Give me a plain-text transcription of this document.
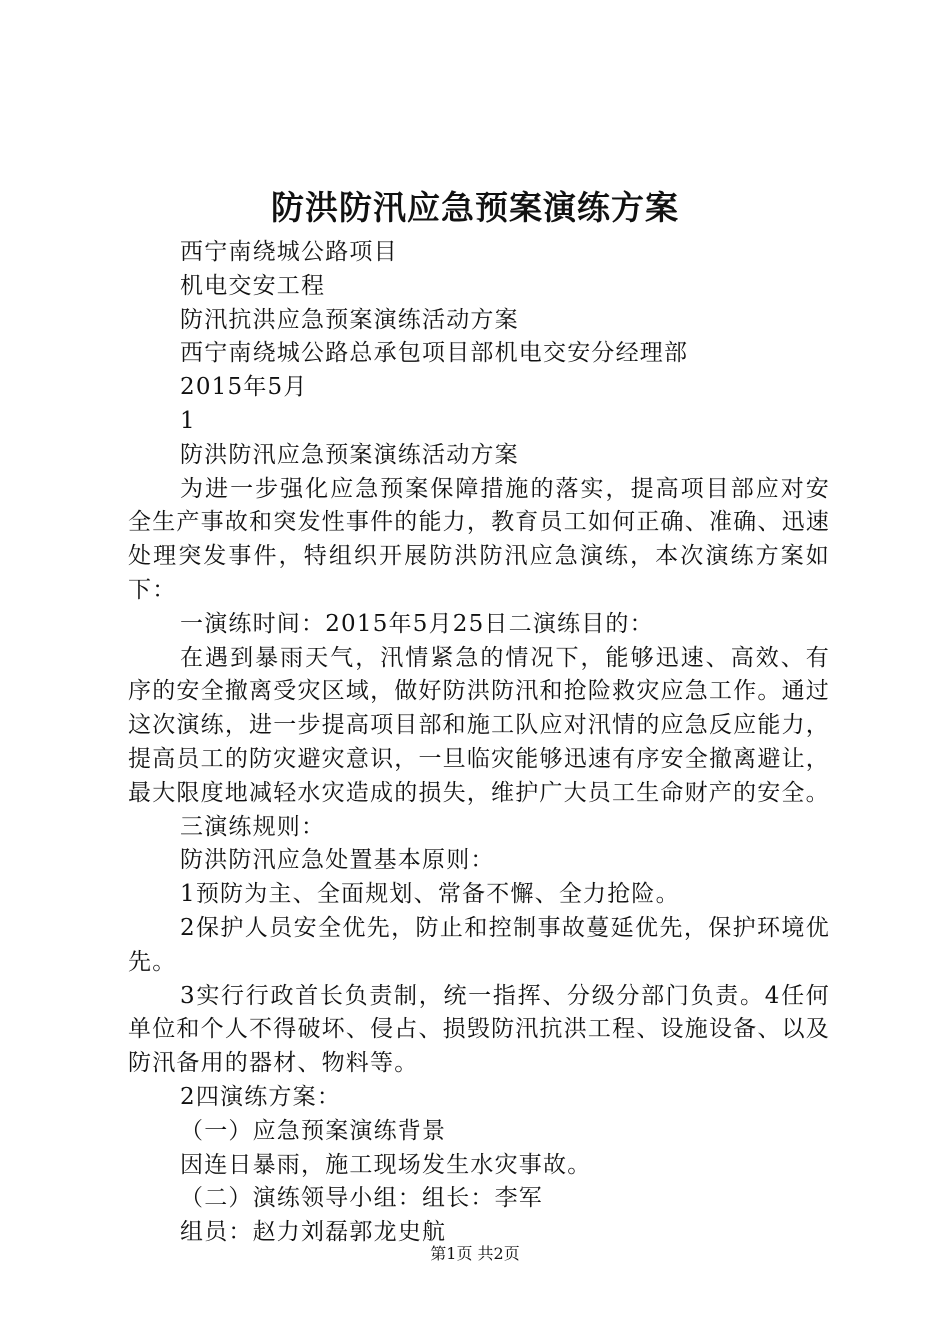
防洪防汛应急预案演练方案

西宁南绕城公路项目

机电交安工程

防汛抗洪应急预案演练活动方案

西宁南绕城公路总承包项目部机电交安分经理部

2015年5月

1

防洪防汛应急预案演练活动方案

为进一步强化应急预案保障措施的落实，提高项目部应对安全生产事故和突发性事件的能力，教育员工如何正确、准确、迅速处理突发事件，特组织开展防洪防汛应急演练，本次演练方案如下：

一演练时间：2015年5月25日二演练目的：

在遇到暴雨天气，汛情紧急的情况下，能够迅速、高效、有序的安全撤离受灾区域，做好防洪防汛和抢险救灾应急工作。通过这次演练，进一步提高项目部和施工队应对汛情的应急反应能力，提高员工的防灾避灾意识，一旦临灾能够迅速有序安全撤离避让，最大限度地减轻水灾造成的损失，维护广大员工生命财产的安全。

三演练规则：

防洪防汛应急处置基本原则：

1预防为主、全面规划、常备不懈、全力抢险。

2保护人员安全优先，防止和控制事故蔓延优先，保护环境优先。

3实行行政首长负责制，统一指挥、分级分部门负责。4任何单位和个人不得破坏、侵占、损毁防汛抗洪工程、设施设备、以及防汛备用的器材、物料等。

2四演练方案：

（一）应急预案演练背景

因连日暴雨，施工现场发生水灾事故。

（二）演练领导小组：组长：李军

组员：赵力刘磊郭龙史航

第1页 共2页
